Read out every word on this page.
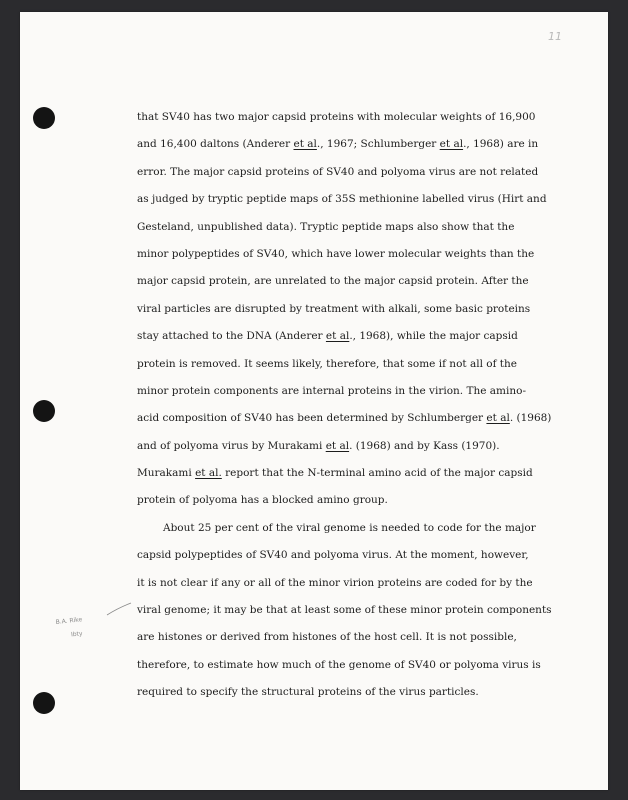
11
B.A. Rike
Ibty
that SV40 has two major capsid proteins with molecular weights of 16,900
and 16,400 daltons (Anderer et al., 1967; Schlumberger et al., 1968) are in
error. The major capsid proteins of SV40 and polyoma virus are not related
as judged by tryptic peptide maps of 35S methionine labelled virus (Hirt and
Gesteland, unpublished data). Tryptic peptide maps also show that the
minor polypeptides of SV40, which have lower molecular weights than the
major capsid protein, are unrelated to the major capsid protein. After the
viral particles are disrupted by treatment with alkali, some basic proteins
stay attached to the DNA (Anderer et al., 1968), while the major capsid
protein is removed. It seems likely, therefore, that some if not all of the
minor protein components are internal proteins in the virion. The amino-
acid composition of SV40 has been determined by Schlumberger et al. (1968)
and of polyoma virus by Murakami et al. (1968) and by Kass (1970).
Murakami et al. report that the N-terminal amino acid of the major capsid
protein of polyoma has a blocked amino group.
About 25 per cent of the viral genome is needed to code for the major
capsid polypeptides of SV40 and polyoma virus. At the moment, however,
it is not clear if any or all of the minor virion proteins are coded for by the
viral genome; it may be that at least some of these minor protein components
are histones or derived from histones of the host cell. It is not possible,
therefore, to estimate how much of the genome of SV40 or polyoma virus is
required to specify the structural proteins of the virus particles.
